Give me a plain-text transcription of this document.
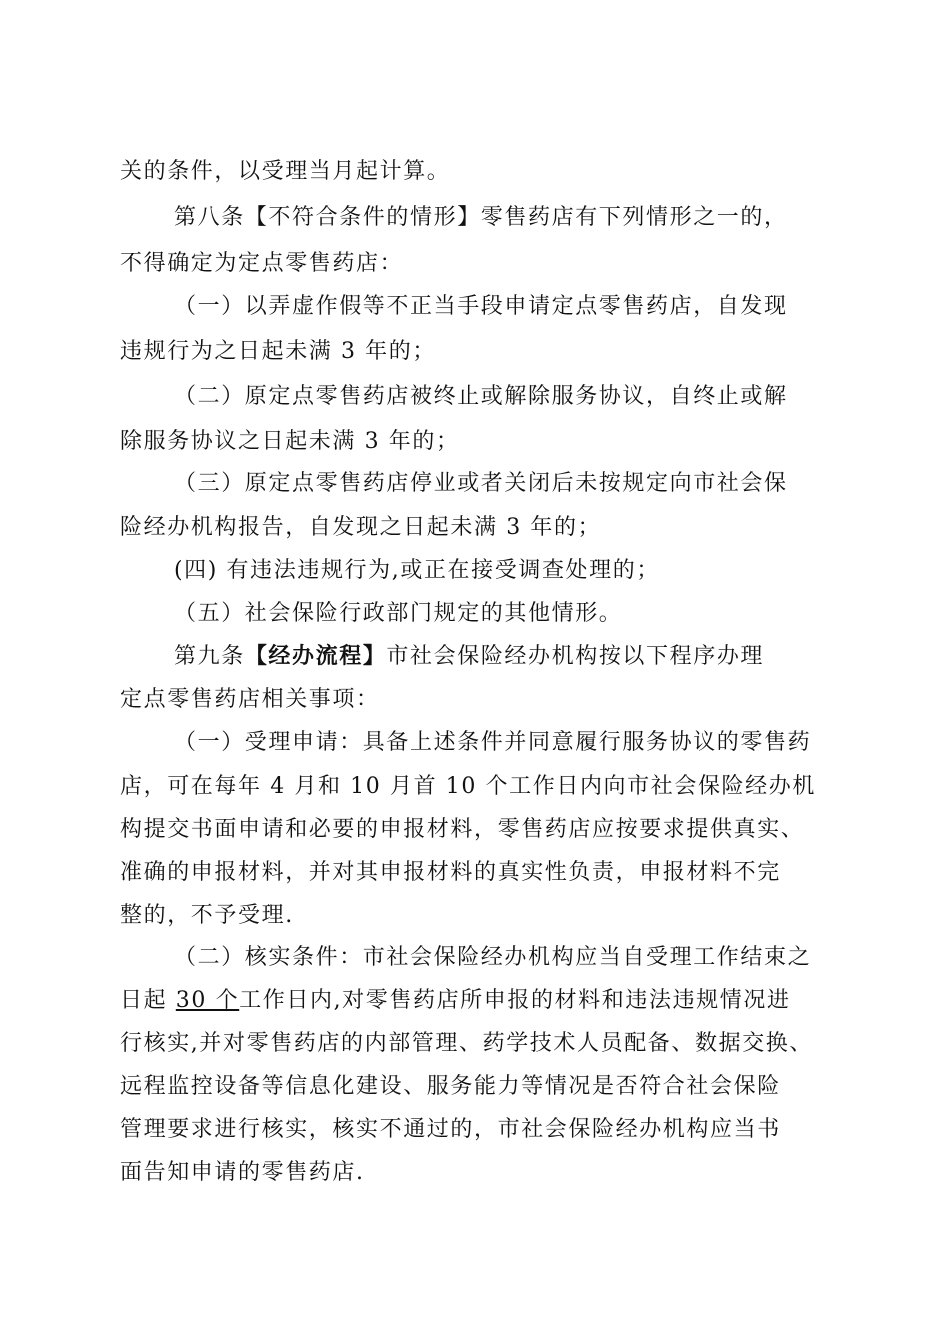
关的条件，以受理当月起计算。
第八条【不符合条件的情形】零售药店有下列情形之一的，
不得确定为定点零售药店：
（一）以弄虚作假等不正当手段申请定点零售药店，自发现
违规行为之日起未满 3 年的；
（二）原定点零售药店被终止或解除服务协议，自终止或解
除服务协议之日起未满 3 年的；
（三）原定点零售药店停业或者关闭后未按规定向市社会保
险经办机构报告，自发现之日起未满 3 年的；
(四) 有违法违规行为,或正在接受调查处理的；
（五）社会保险行政部门规定的其他情形。
第九条【经办流程】市社会保险经办机构按以下程序办理
定点零售药店相关事项：
（一）受理申请：具备上述条件并同意履行服务协议的零售药
店，可在每年 4 月和 10 月首 10 个工作日内向市社会保险经办机
构提交书面申请和必要的申报材料，零售药店应按要求提供真实、
准确的申报材料，并对其申报材料的真实性负责，申报材料不完
整的，不予受理.
（二）核实条件：市社会保险经办机构应当自受理工作结束之
日起 30 个工作日内,对零售药店所申报的材料和违法违规情况进
行核实,并对零售药店的内部管理、药学技术人员配备、数据交换、
远程监控设备等信息化建设、服务能力等情况是否符合社会保险
管理要求进行核实，核实不通过的，市社会保险经办机构应当书
面告知申请的零售药店.
